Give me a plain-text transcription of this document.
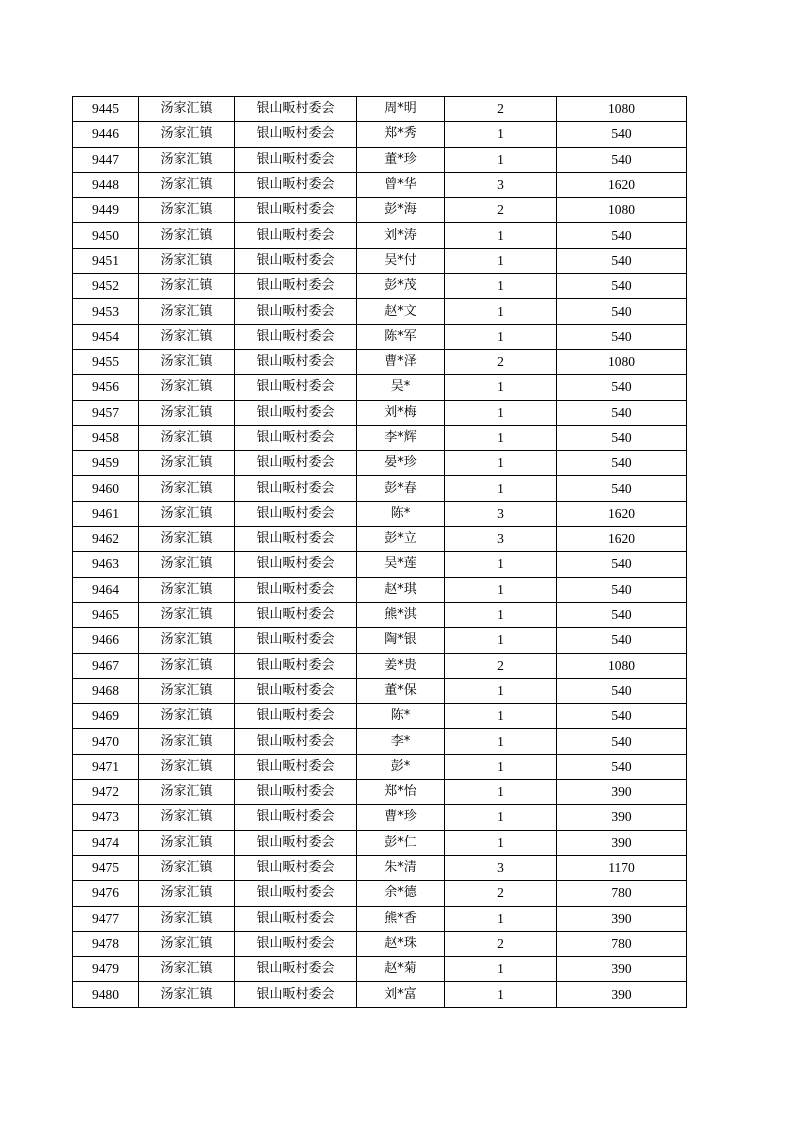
9445	汤家汇镇	银山畈村委会	周*明	2	1080
9446	汤家汇镇	银山畈村委会	郑*秀	1	540
9447	汤家汇镇	银山畈村委会	董*珍	1	540
9448	汤家汇镇	银山畈村委会	曾*华	3	1620
9449	汤家汇镇	银山畈村委会	彭*海	2	1080
9450	汤家汇镇	银山畈村委会	刘*涛	1	540
9451	汤家汇镇	银山畈村委会	吴*付	1	540
9452	汤家汇镇	银山畈村委会	彭*茂	1	540
9453	汤家汇镇	银山畈村委会	赵*文	1	540
9454	汤家汇镇	银山畈村委会	陈*军	1	540
9455	汤家汇镇	银山畈村委会	曹*泽	2	1080
9456	汤家汇镇	银山畈村委会	吴*	1	540
9457	汤家汇镇	银山畈村委会	刘*梅	1	540
9458	汤家汇镇	银山畈村委会	李*辉	1	540
9459	汤家汇镇	银山畈村委会	晏*珍	1	540
9460	汤家汇镇	银山畈村委会	彭*春	1	540
9461	汤家汇镇	银山畈村委会	陈*	3	1620
9462	汤家汇镇	银山畈村委会	彭*立	3	1620
9463	汤家汇镇	银山畈村委会	吴*莲	1	540
9464	汤家汇镇	银山畈村委会	赵*琪	1	540
9465	汤家汇镇	银山畈村委会	熊*淇	1	540
9466	汤家汇镇	银山畈村委会	陶*银	1	540
9467	汤家汇镇	银山畈村委会	姜*贵	2	1080
9468	汤家汇镇	银山畈村委会	董*保	1	540
9469	汤家汇镇	银山畈村委会	陈*	1	540
9470	汤家汇镇	银山畈村委会	李*	1	540
9471	汤家汇镇	银山畈村委会	彭*	1	540
9472	汤家汇镇	银山畈村委会	郑*怡	1	390
9473	汤家汇镇	银山畈村委会	曹*珍	1	390
9474	汤家汇镇	银山畈村委会	彭*仁	1	390
9475	汤家汇镇	银山畈村委会	朱*清	3	1170
9476	汤家汇镇	银山畈村委会	余*德	2	780
9477	汤家汇镇	银山畈村委会	熊*香	1	390
9478	汤家汇镇	银山畈村委会	赵*珠	2	780
9479	汤家汇镇	银山畈村委会	赵*菊	1	390
9480	汤家汇镇	银山畈村委会	刘*富	1	390
